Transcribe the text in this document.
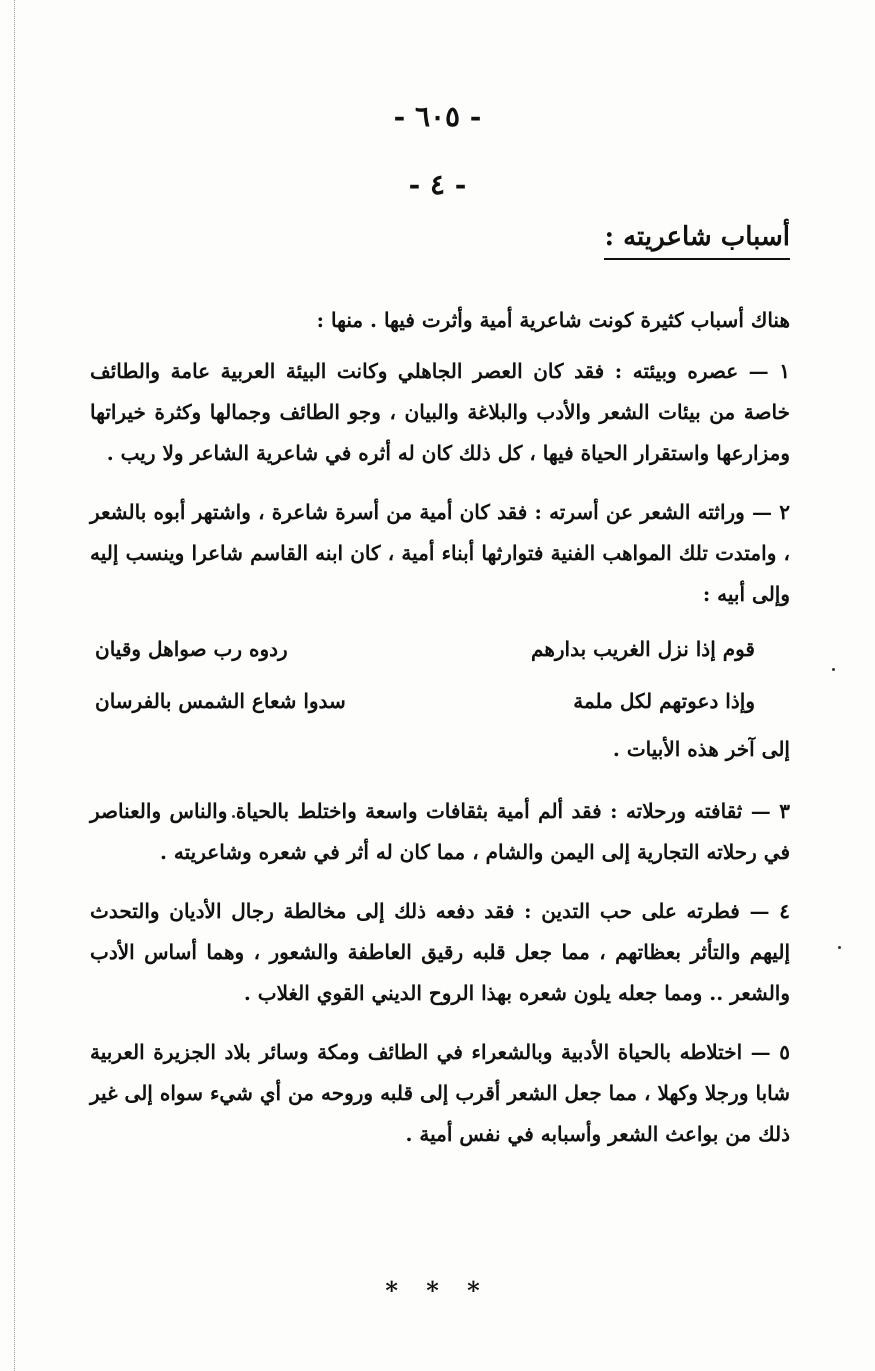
- ٦٠٥ -
- ٤ -
أسباب شاعريته :

هناك أسباب كثيرة كونت شاعرية أمية وأثرت فيها . منها :

١ — عصره وبيئته : فقد كان العصر الجاهلي وكانت البيئة العربية عامة والطائف خاصة من بيئات الشعر والأدب والبلاغة والبيان ، وجو الطائف وجمالها وكثرة خيراتها ومزارعها واستقرار الحياة فيها ، كل ذلك كان له أثره في شاعرية الشاعر ولا ريب .

٢ — وراثته الشعر عن أسرته : فقد كان أمية من أسرة شاعرة ، واشتهر أبوه بالشعر ، وامتدت تلك المواهب الفنية فتوارثها أبناء أمية ، كان ابنه القاسم شاعرا وينسب إليه وإلى أبيه :

قوم إذا نزل الغريب بدارهم
ردوه رب صواهل وقيان
وإذا دعوتهم لكل ملمة
سدوا شعاع الشمس بالفرسان
إلى آخر هذه الأبيات .

٣ — ثقافته ورحلاته : فقد ألم أمية بثقافات واسعة واختلط بالحياة والناس والعناصر في رحلاته التجارية إلى اليمن والشام ، مما كان له أثر في شعره وشاعريته .

٤ — فطرته على حب التدين : فقد دفعه ذلك إلى مخالطة رجال الأديان والتحدث إليهم والتأثر بعظاتهم ، مما جعل قلبه رقيق العاطفة والشعور ، وهما أساس الأدب والشعر .. ومما جعله يلون شعره بهذا الروح الديني القوي الغلاب .

٥ — اختلاطه بالحياة الأدبية وبالشعراء في الطائف ومكة وسائر بلاد الجزيرة العربية شابا ورجلا وكهلا ، مما جعل الشعر أقرب إلى قلبه وروحه من أي شيء سواه إلى غير ذلك من بواعث الشعر وأسبابه في نفس أمية .

* * *
